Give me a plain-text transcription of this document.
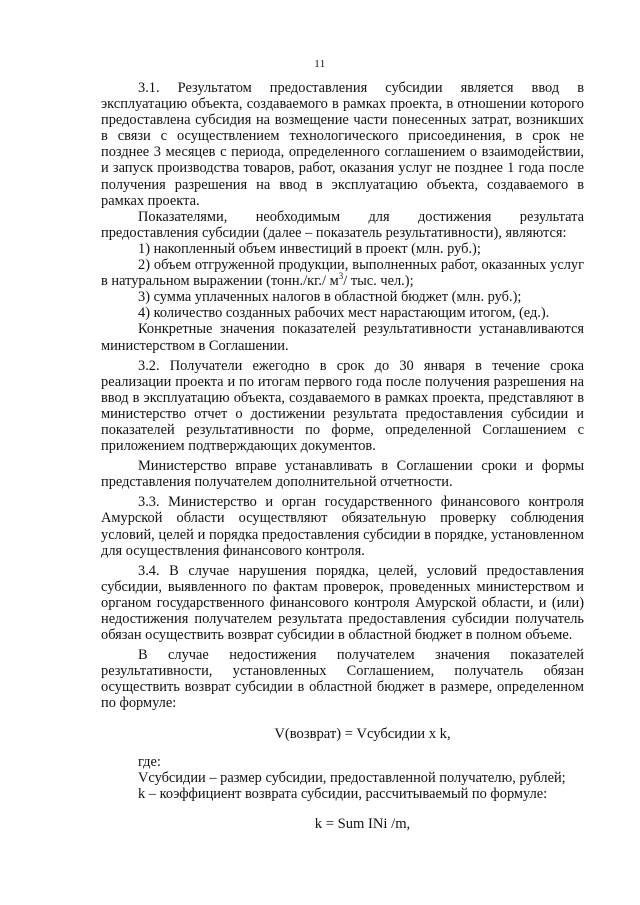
11

3.1. Результатом предоставления субсидии является ввод в эксплуатацию объекта, создаваемого в рамках проекта, в отношении которого предоставлена субсидия на возмещение части понесенных затрат, возникших в связи с осуществлением технологического присоединения, в срок не позднее 3 месяцев с периода, определенного соглашением о взаимодействии, и запуск производства товаров, работ, оказания услуг не позднее 1 года после получения разрешения на ввод в эксплуатацию объекта, создаваемого в рамках проекта.

Показателями, необходимым для достижения результата предоставления субсидии (далее – показатель результативности), являются:

1) накопленный объем инвестиций в проект (млн. руб.);

2) объем отгруженной продукции, выполненных работ, оказанных услуг в натуральном выражении (тонн./кг./ $м^3/$ тыс. чел.);

3) сумма уплаченных налогов в областной бюджет (млн. руб.);

4) количество созданных рабочих мест нарастающим итогом, (ед.).

Конкретные значения показателей результативности устанавливаются министерством в Соглашении.

3.2. Получатели ежегодно в срок до 30 января в течение срока реализации проекта и по итогам первого года после получения разрешения на ввод в эксплуатацию объекта, создаваемого в рамках проекта, представляют в министерство отчет о достижении результата предоставления субсидии и показателей результативности по форме, определенной Соглашением с приложением подтверждающих документов.

Министерство вправе устанавливать в Соглашении сроки и формы представления получателем дополнительной отчетности.

3.3. Министерство и орган государственного финансового контроля Амурской области осуществляют обязательную проверку соблюдения условий, целей и порядка предоставления субсидии в порядке, установленном для осуществления финансового контроля.

3.4. В случае нарушения порядка, целей, условий предоставления субсидии, выявленного по фактам проверок, проведенных министерством и органом государственного финансового контроля Амурской области, и (или) недостижения получателем результата предоставления субсидии получатель обязан осуществить возврат субсидии в областной бюджет в полном объеме.

В случае недостижения получателем значения показателей результативности, установленных Соглашением, получатель обязан осуществить возврат субсидии в областной бюджет в размере, определенном по формуле:

V(возврат) = Vсубсидии x k,

где:

Vсубсидии – размер субсидии, предоставленной получателю, рублей;

k – коэффициент возврата субсидии, рассчитываемый по формуле:

k = Sum INi /m,
